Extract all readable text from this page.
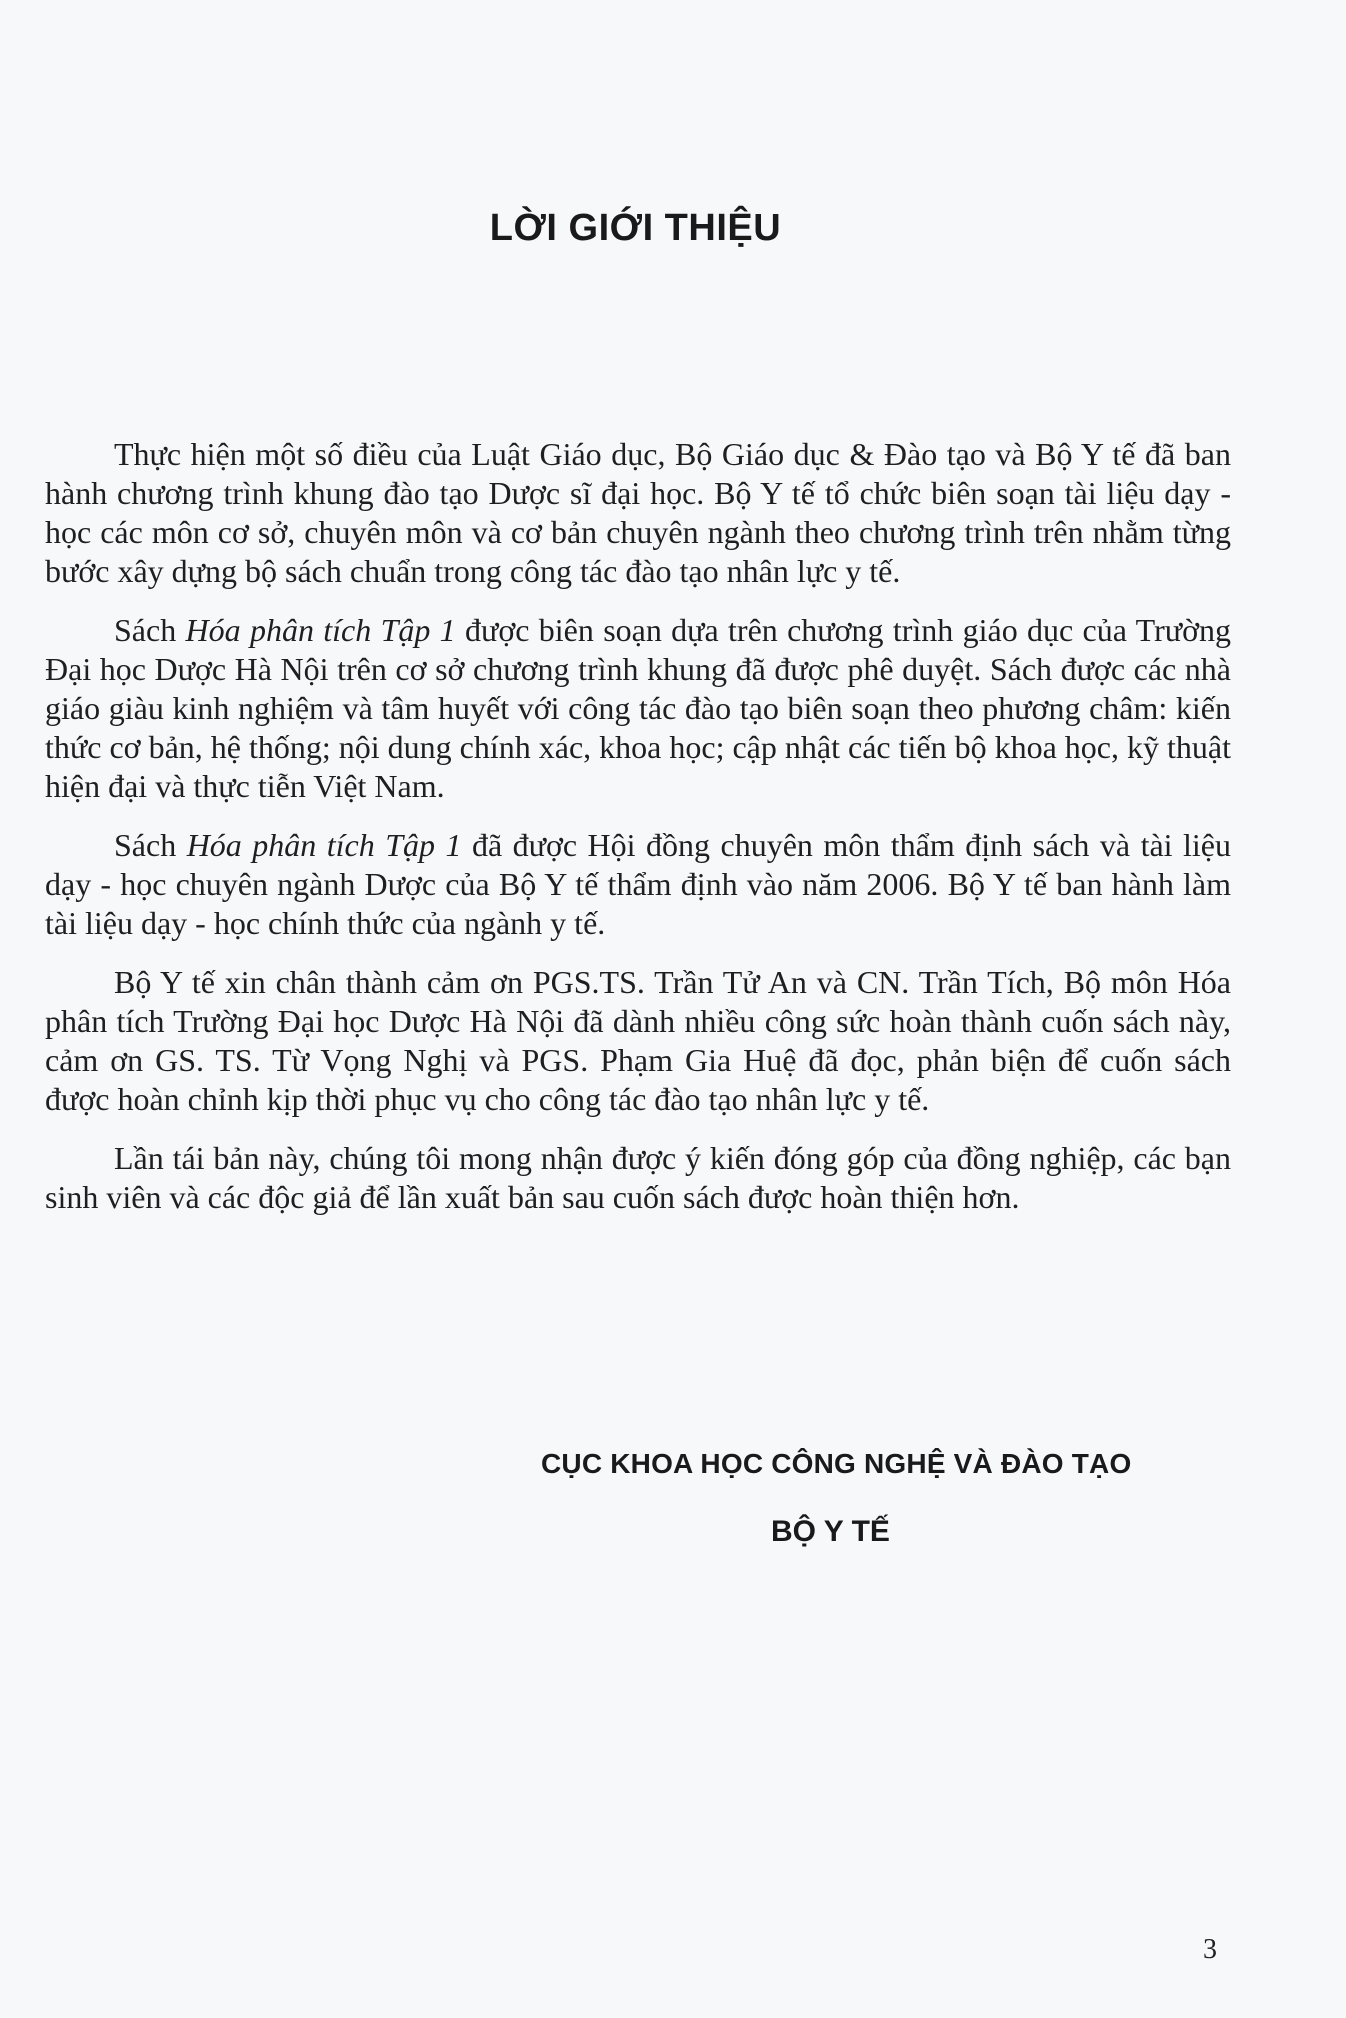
LỜI GIỚI THIỆU

Thực hiện một số điều của Luật Giáo dục, Bộ Giáo dục & Đào tạo và Bộ Y tế đã ban hành chương trình khung đào tạo Dược sĩ đại học. Bộ Y tế tổ chức biên soạn tài liệu dạy - học các môn cơ sở, chuyên môn và cơ bản chuyên ngành theo chương trình trên nhằm từng bước xây dựng bộ sách chuẩn trong công tác đào tạo nhân lực y tế.

Sách Hóa phân tích Tập 1 được biên soạn dựa trên chương trình giáo dục của Trường Đại học Dược Hà Nội trên cơ sở chương trình khung đã được phê duyệt. Sách được các nhà giáo giàu kinh nghiệm và tâm huyết với công tác đào tạo biên soạn theo phương châm: kiến thức cơ bản, hệ thống; nội dung chính xác, khoa học; cập nhật các tiến bộ khoa học, kỹ thuật hiện đại và thực tiễn Việt Nam.

Sách Hóa phân tích Tập 1 đã được Hội đồng chuyên môn thẩm định sách và tài liệu dạy - học chuyên ngành Dược của Bộ Y tế thẩm định vào năm 2006. Bộ Y tế ban hành làm tài liệu dạy - học chính thức của ngành y tế.

Bộ Y tế xin chân thành cảm ơn PGS.TS. Trần Tử An và CN. Trần Tích, Bộ môn Hóa phân tích Trường Đại học Dược Hà Nội đã dành nhiều công sức hoàn thành cuốn sách này, cảm ơn GS. TS. Từ Vọng Nghị và PGS. Phạm Gia Huệ đã đọc, phản biện để cuốn sách được hoàn chỉnh kịp thời phục vụ cho công tác đào tạo nhân lực y tế.

Lần tái bản này, chúng tôi mong nhận được ý kiến đóng góp của đồng nghiệp, các bạn sinh viên và các độc giả để lần xuất bản sau cuốn sách được hoàn thiện hơn.

CỤC KHOA HỌC CÔNG NGHỆ VÀ ĐÀO TẠO
BỘ Y TẾ
3
